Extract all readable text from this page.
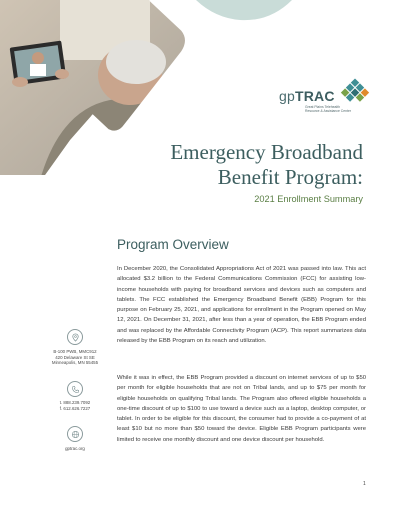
gpTRAC
Great Plains Telehealth
Resource & Assistance Center
Emergency Broadband
Benefit Program:
2021 Enrollment Summary
Program Overview

In December 2020, the Consolidated Appropriations Act of 2021 was passed into law. This act allocated $3.2 billion to the Federal Communications Commission (FCC) for assisting low-income households with paying for broadband services and devices such as computers and tablets. The FCC established the Emergency Broadband Benefit (EBB) Program for this purpose on February 25, 2021, and applications for enrollment in the Program opened on May 12, 2021. On December 31, 2021, after less than a year of operation, the EBB Program ended and was replaced by the Affordable Connectivity Program (ACP). This report summarizes data released by the EBB Program on its reach and utilization.

While it was in effect, the EBB Program provided a discount on internet services of up to $50 per month for eligible households that are not on Tribal lands, and up to $75 per month for eligible households on qualifying Tribal lands. The Program also offered eligible households a one-time discount of up to $100 to use toward a device such as a laptop, desktop computer, or tablet. In order to be eligible for this discount, the consumer had to provide a co-payment of at least $10 but no more than $50 toward the device. Eligible EBB Program participants were limited to receive one monthly discount and one device discount per household.

B-100 PWB, MMC912
420 Delaware St SE
Minneapolis, MN 55455
t. 888.239.7092
f. 612.626.7227
gptrac.org
1
